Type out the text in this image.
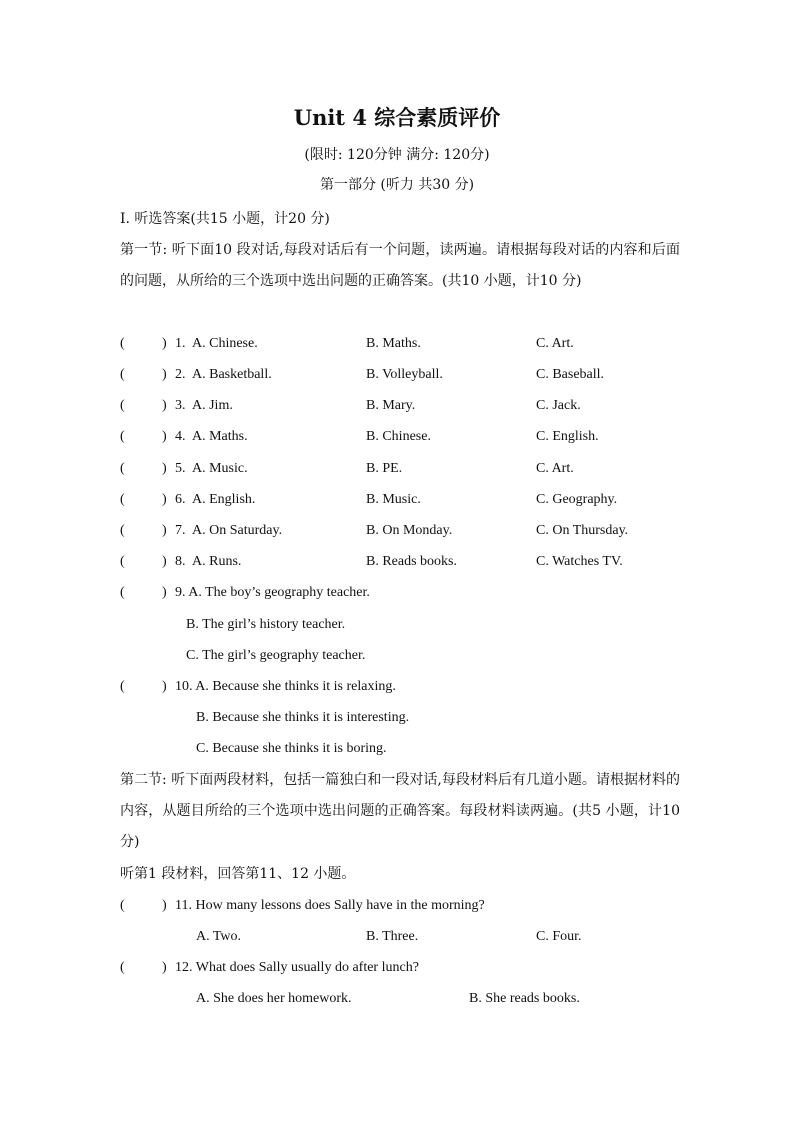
Unit 4 综合素质评价
(限时: 120分钟 满分: 120分)
第一部分 (听力 共30 分)
I. 听选答案(共15 小题，计20 分)
第一节: 听下面10 段对话,每段对话后有一个问题，读两遍。请根据每段对话的内容和后面的问题，从所给的三个选项中选出问题的正确答案。(共10 小题，计10 分)
(	) 1. A. Chinese.	B. Maths.	C. Art.
(	) 2. A. Basketball.	B. Volleyball.	C. Baseball.
(	) 3. A. Jim.	B. Mary.	C. Jack.
(	) 4. A. Maths.	B. Chinese.	C. English.
(	) 5. A. Music.	B. PE.	C. Art.
(	) 6. A. English.	B. Music.	C. Geography.
(	) 7. A. On Saturday.	B. On Monday.	C. On Thursday.
(	) 8. A. Runs.	B. Reads books.	C. Watches TV.
(	) 9. A. The boy’s geography teacher.
B. The girl’s history teacher.
C. The girl’s geography teacher.
(	) 10. A. Because she thinks it is relaxing.
B. Because she thinks it is interesting.
C. Because she thinks it is boring.
第二节: 听下面两段材料，包括一篇独白和一段对话,每段材料后有几道小题。请根据材料的内容，从题目所给的三个选项中选出问题的正确答案。每段材料读两遍。(共5 小题，计10 分)
听第1 段材料，回答第11、12 小题。
(	) 11. How many lessons does Sally have in the morning?
A. Two.	B. Three.	C. Four.
(	) 12. What does Sally usually do after lunch?
A. She does her homework.	B. She reads books.
